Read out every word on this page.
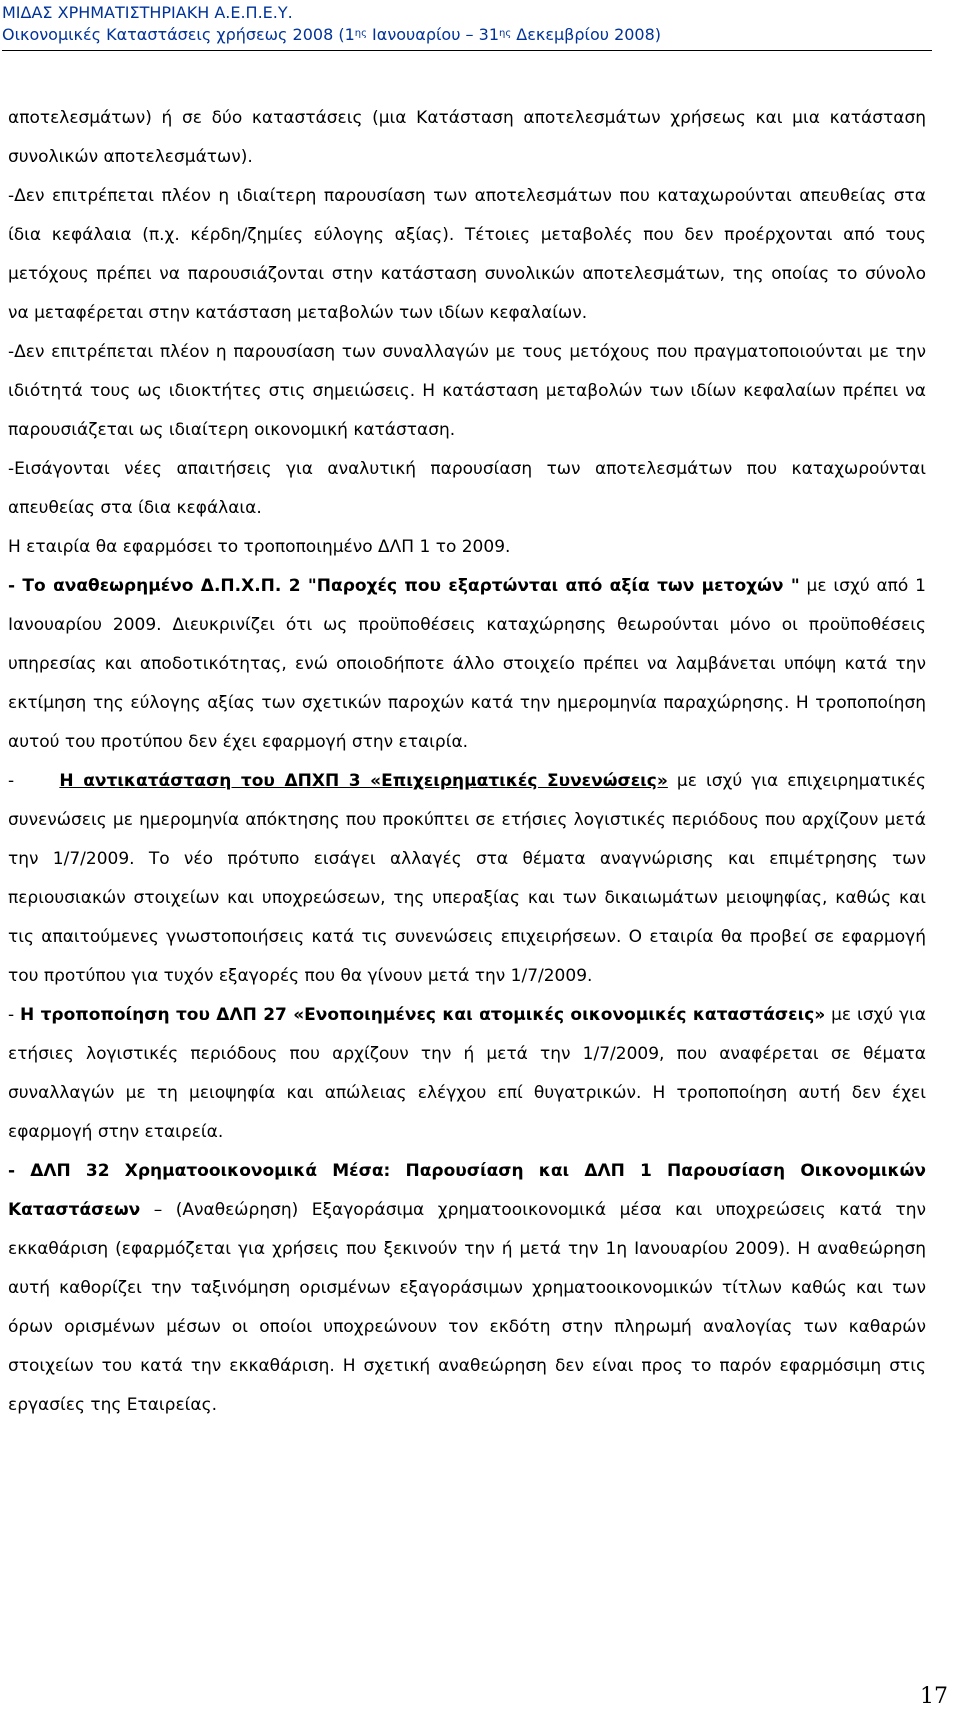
ΜΙΔΑΣ ΧΡΗΜΑΤΙΣΤΗΡΙΑΚΗ Α.Ε.Π.Ε.Υ.
Οικονομικές Καταστάσεις χρήσεως 2008 ($1^{\eta\varsigma}$ Ιανουαρίου – $31^{\eta\varsigma}$ Δεκεμβρίου 2008)

αποτελεσμάτων) ή σε δύο καταστάσεις (μια Κατάσταση αποτελεσμάτων χρήσεως και μια κατάσταση συνολικών αποτελεσμάτων).

-Δεν επιτρέπεται πλέον η ιδιαίτερη παρουσίαση των αποτελεσμάτων που καταχωρούνται απευθείας στα ίδια κεφάλαια (π.χ. κέρδη/ζημίες εύλογης αξίας). Τέτοιες μεταβολές που δεν προέρχονται από τους μετόχους πρέπει να παρουσιάζονται στην κατάσταση συνολικών αποτελεσμάτων, της οποίας το σύνολο να μεταφέρεται στην κατάσταση μεταβολών των ιδίων κεφαλαίων.

-Δεν επιτρέπεται πλέον η παρουσίαση των συναλλαγών με τους μετόχους που πραγματοποιούνται με την ιδιότητά τους ως ιδιοκτήτες στις σημειώσεις. Η κατάσταση μεταβολών των ιδίων κεφαλαίων πρέπει να παρουσιάζεται ως ιδιαίτερη οικονομική κατάσταση.

-Εισάγονται νέες απαιτήσεις για αναλυτική παρουσίαση των αποτελεσμάτων που καταχωρούνται απευθείας στα ίδια κεφάλαια.

Η εταιρία θα εφαρμόσει το τροποποιημένο ΔΛΠ 1 το 2009.

- Το αναθεωρημένο Δ.Π.Χ.Π. 2 "Παροχές που εξαρτώνται από αξία των μετοχών " με ισχύ από 1 Ιανουαρίου 2009. Διευκρινίζει ότι ως προϋποθέσεις καταχώρησης θεωρούνται μόνο οι προϋποθέσεις υπηρεσίας και αποδοτικότητας, ενώ οποιοδήποτε άλλο στοιχείο πρέπει να λαμβάνεται υπόψη κατά την εκτίμηση της εύλογης αξίας των σχετικών παροχών κατά την ημερομηνία παραχώρησης. Η τροποποίηση αυτού του προτύπου δεν έχει εφαρμογή στην εταιρία.

-     Η αντικατάσταση του ΔΠΧΠ 3 «Επιχειρηματικές Συνενώσεις» με ισχύ για επιχειρηματικές συνενώσεις με ημερομηνία απόκτησης που προκύπτει σε ετήσιες λογιστικές περιόδους που αρχίζουν μετά την 1/7/2009. Το νέο πρότυπο εισάγει αλλαγές στα θέματα αναγνώρισης και επιμέτρησης των περιουσιακών στοιχείων και υποχρεώσεων, της υπεραξίας και των δικαιωμάτων μειοψηφίας, καθώς και τις απαιτούμενες γνωστοποιήσεις κατά τις συνενώσεις επιχειρήσεων. Ο εταιρία θα προβεί σε εφαρμογή του προτύπου για τυχόν εξαγορές που θα γίνουν μετά την 1/7/2009.

- Η τροποποίηση του ΔΛΠ 27 «Ενοποιημένες και ατομικές οικονομικές καταστάσεις» με ισχύ για ετήσιες λογιστικές περιόδους που αρχίζουν την ή μετά την 1/7/2009, που αναφέρεται σε θέματα συναλλαγών με τη μειοψηφία και απώλειας ελέγχου επί θυγατρικών. Η τροποποίηση αυτή δεν έχει εφαρμογή στην εταιρεία.

- ΔΛΠ 32 Χρηματοοικονομικά Μέσα: Παρουσίαση και ΔΛΠ 1 Παρουσίαση Οικονομικών Καταστάσεων – (Αναθεώρηση) Εξαγοράσιμα χρηματοοικονομικά μέσα και υποχρεώσεις κατά την εκκαθάριση (εφαρμόζεται για χρήσεις που ξεκινούν την ή μετά την 1η Ιανουαρίου 2009). Η αναθεώρηση αυτή καθορίζει την ταξινόμηση ορισμένων εξαγοράσιμων χρηματοοικονομικών τίτλων καθώς και των όρων ορισμένων μέσων οι οποίοι υποχρεώνουν τον εκδότη στην πληρωμή αναλογίας των καθαρών στοιχείων του κατά την εκκαθάριση. Η σχετική αναθεώρηση δεν είναι προς το παρόν εφαρμόσιμη στις εργασίες της Εταιρείας.

17
